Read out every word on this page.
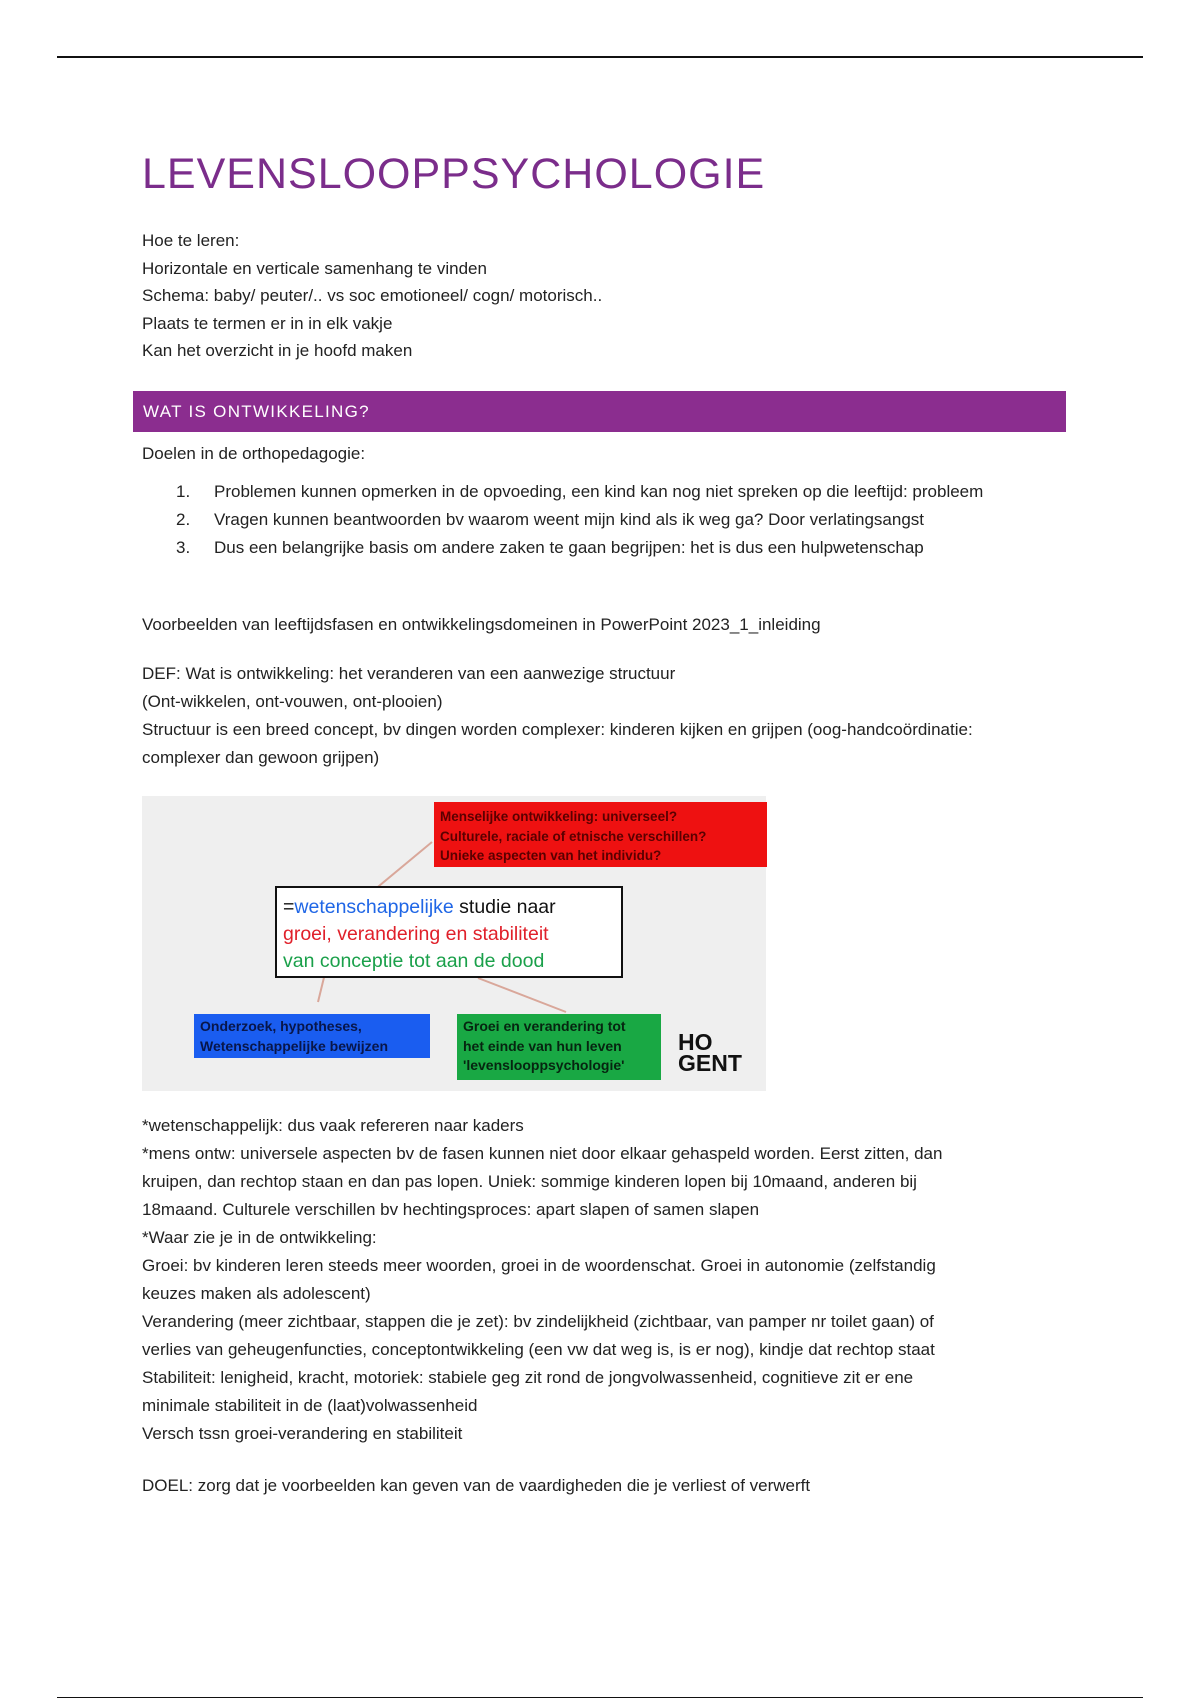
LEVENSLOOPPSYCHOLOGIE
Hoe te leren:
Horizontale en verticale samenhang te vinden
Schema: baby/ peuter/.. vs soc emotioneel/ cogn/ motorisch..
Plaats te termen er in in elk vakje
Kan het overzicht in je hoofd maken
WAT IS ONTWIKKELING?
Doelen in de orthopedagogie:
1.	Problemen kunnen opmerken in de opvoeding, een kind kan nog niet spreken op die leeftijd: probleem
2.	Vragen kunnen beantwoorden bv waarom weent mijn kind als ik weg ga? Door verlatingsangst
3.	Dus een belangrijke basis om andere zaken te gaan begrijpen: het is dus een hulpwetenschap
Voorbeelden van leeftijdsfasen en ontwikkelingsdomeinen in PowerPoint 2023_1_inleiding
DEF: Wat is ontwikkeling: het veranderen van een aanwezige structuur
(Ont-wikkelen, ont-vouwen, ont-plooien)
Structuur is een breed concept, bv dingen worden complexer: kinderen kijken en grijpen (oog-handcoördinatie:
complexer dan gewoon grijpen)
Menselijke ontwikkeling: universeel?
Culturele, raciale of etnische verschillen?
Unieke aspecten van het individu?
=wetenschappelijke studie naar
groei, verandering en stabiliteit
van conceptie tot aan de dood
Onderzoek, hypotheses,
Wetenschappelijke bewijzen
Groei en verandering tot
het einde van hun leven
'levenslooppsychologie'
HO
GENT
*wetenschappelijk: dus vaak refereren naar kaders
*mens ontw: universele aspecten bv de fasen kunnen niet door elkaar gehaspeld worden. Eerst zitten, dan
kruipen, dan rechtop staan en dan pas lopen. Uniek: sommige kinderen lopen bij 10maand, anderen bij
18maand. Culturele verschillen bv hechtingsproces: apart slapen of samen slapen
*Waar zie je in de ontwikkeling:
Groei: bv kinderen leren steeds meer woorden, groei in de woordenschat. Groei in autonomie (zelfstandig
keuzes maken als adolescent)
Verandering (meer zichtbaar, stappen die je zet): bv zindelijkheid (zichtbaar, van pamper nr toilet gaan) of
verlies van geheugenfuncties, conceptontwikkeling (een vw dat weg is, is er nog), kindje dat rechtop staat
Stabiliteit: lenigheid, kracht, motoriek: stabiele geg zit rond de jongvolwassenheid, cognitieve zit er ene
minimale stabiliteit in de (laat)volwassenheid
Versch tssn groei-verandering en stabiliteit
DOEL: zorg dat je voorbeelden kan geven van de vaardigheden die je verliest of verwerft
